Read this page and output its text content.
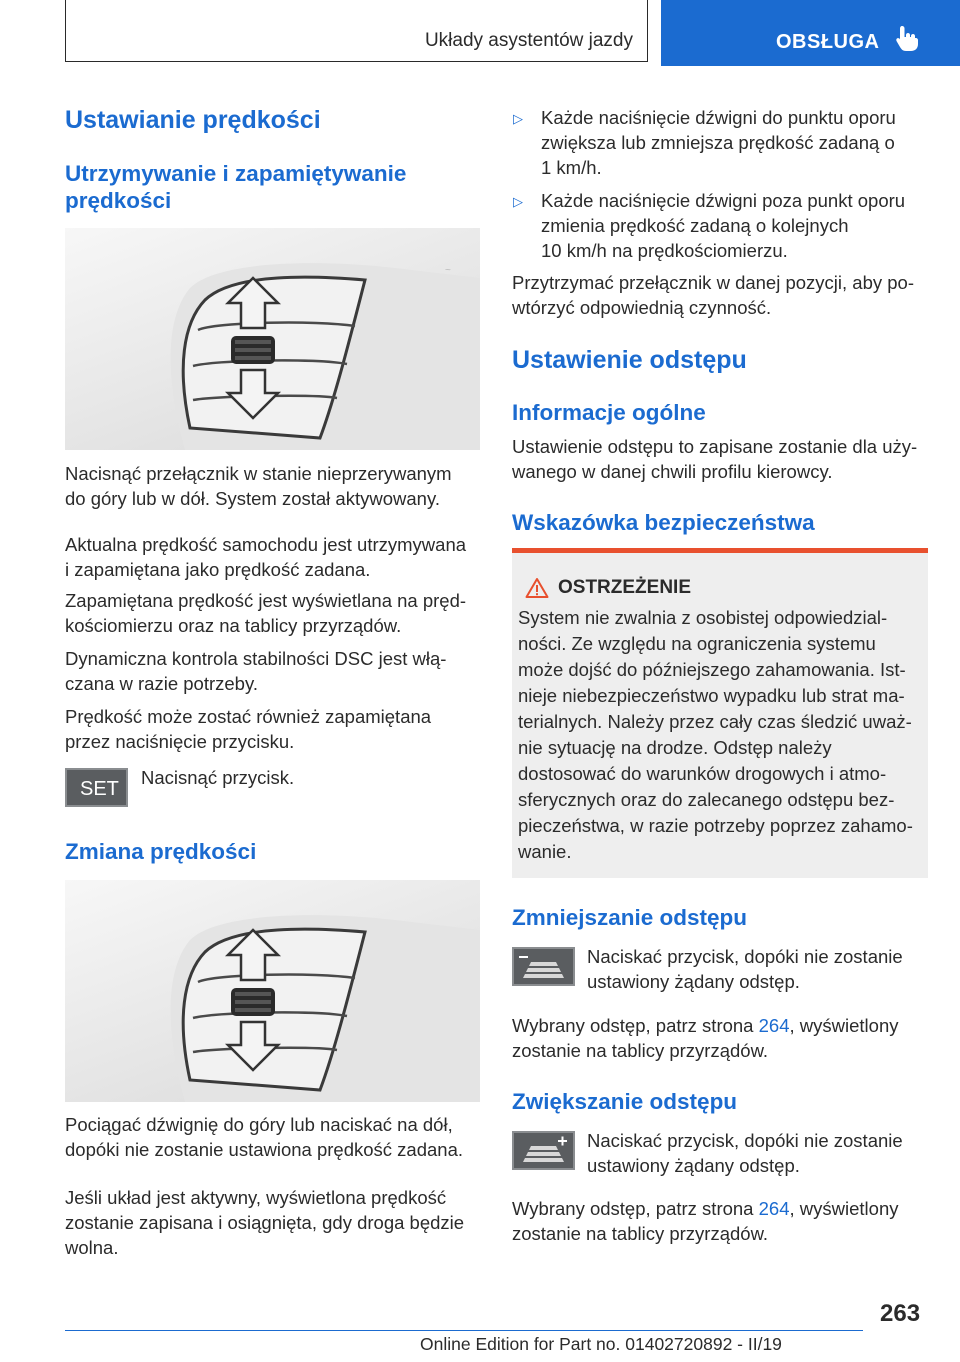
Układy asystentów jazdy	OBSŁUGA
Ustawianie prędkości
Utrzymywanie i zapamiętywanie
prędkości
~

Nacisnąć przełącznik w stanie nieprzerywanym

do góry lub w dół. System został aktywowany.

Aktualna prędkość samochodu jest utrzymywana

i zapamiętana jako prędkość zadana.

Zapamiętana prędkość jest wyświetlana na pręd‐

kościomierzu oraz na tablicy przyrządów.

Dynamiczna kontrola stabilności DSC jest włą‐

czana w razie potrzeby.

Prędkość może zostać również zapamiętana

przez naciśnięcie przycisku.

SET

Nacisnąć przycisk.

Zmiana prędkości

Pociągać dźwignię do góry lub naciskać na dół,

dopóki nie zostanie ustawiona prędkość zadana.

Jeśli układ jest aktywny, wyświetlona prędkość

zostanie zapisana i osiągnięta, gdy droga będzie

wolna.

▷ Każde naciśnięcie dźwigni do punktu oporu

zwiększa lub zmniejsza prędkość zadaną o

1 km/h.

▷ Każde naciśnięcie dźwigni poza punkt oporu

zmienia prędkość zadaną o kolejnych

10 km/h na prędkościomierzu.

Przytrzymać przełącznik w danej pozycji, aby po‐

wtórzyć odpowiednią czynność.

Ustawienie odstępu
Informacje ogólne

Ustawienie odstępu to zapisane zostanie dla uży‐

wanego w danej chwili profilu kierowcy.

Wskazówka bezpieczeństwa
OSTRZEŻENIE
System nie zwalnia z osobistej odpowiedzial‐
ności. Ze względu na ograniczenia systemu
może dojść do późniejszego zahamowania. Ist‐
nieje niebezpieczeństwo wypadku lub strat ma‐
terialnych. Należy przez cały czas śledzić uważ‐
nie sytuację na drodze. Odstęp należy
dostosować do warunków drogowych i atmo‐
sferycznych oraz do zalecanego odstępu bez‐
pieczeństwa, w razie potrzeby poprzez zahamo‐
wanie.
Zmniejszanie odstępu

Naciskać przycisk, dopóki nie zostanie

ustawiony żądany odstęp.

Wybrany odstęp, patrz strona 264, wyświetlony

zostanie na tablicy przyrządów.

Zwiększanie odstępu

Naciskać przycisk, dopóki nie zostanie

ustawiony żądany odstęp.

Wybrany odstęp, patrz strona 264, wyświetlony

zostanie na tablicy przyrządów.

263
Online Edition for Part no. 01402720892 - II/19
